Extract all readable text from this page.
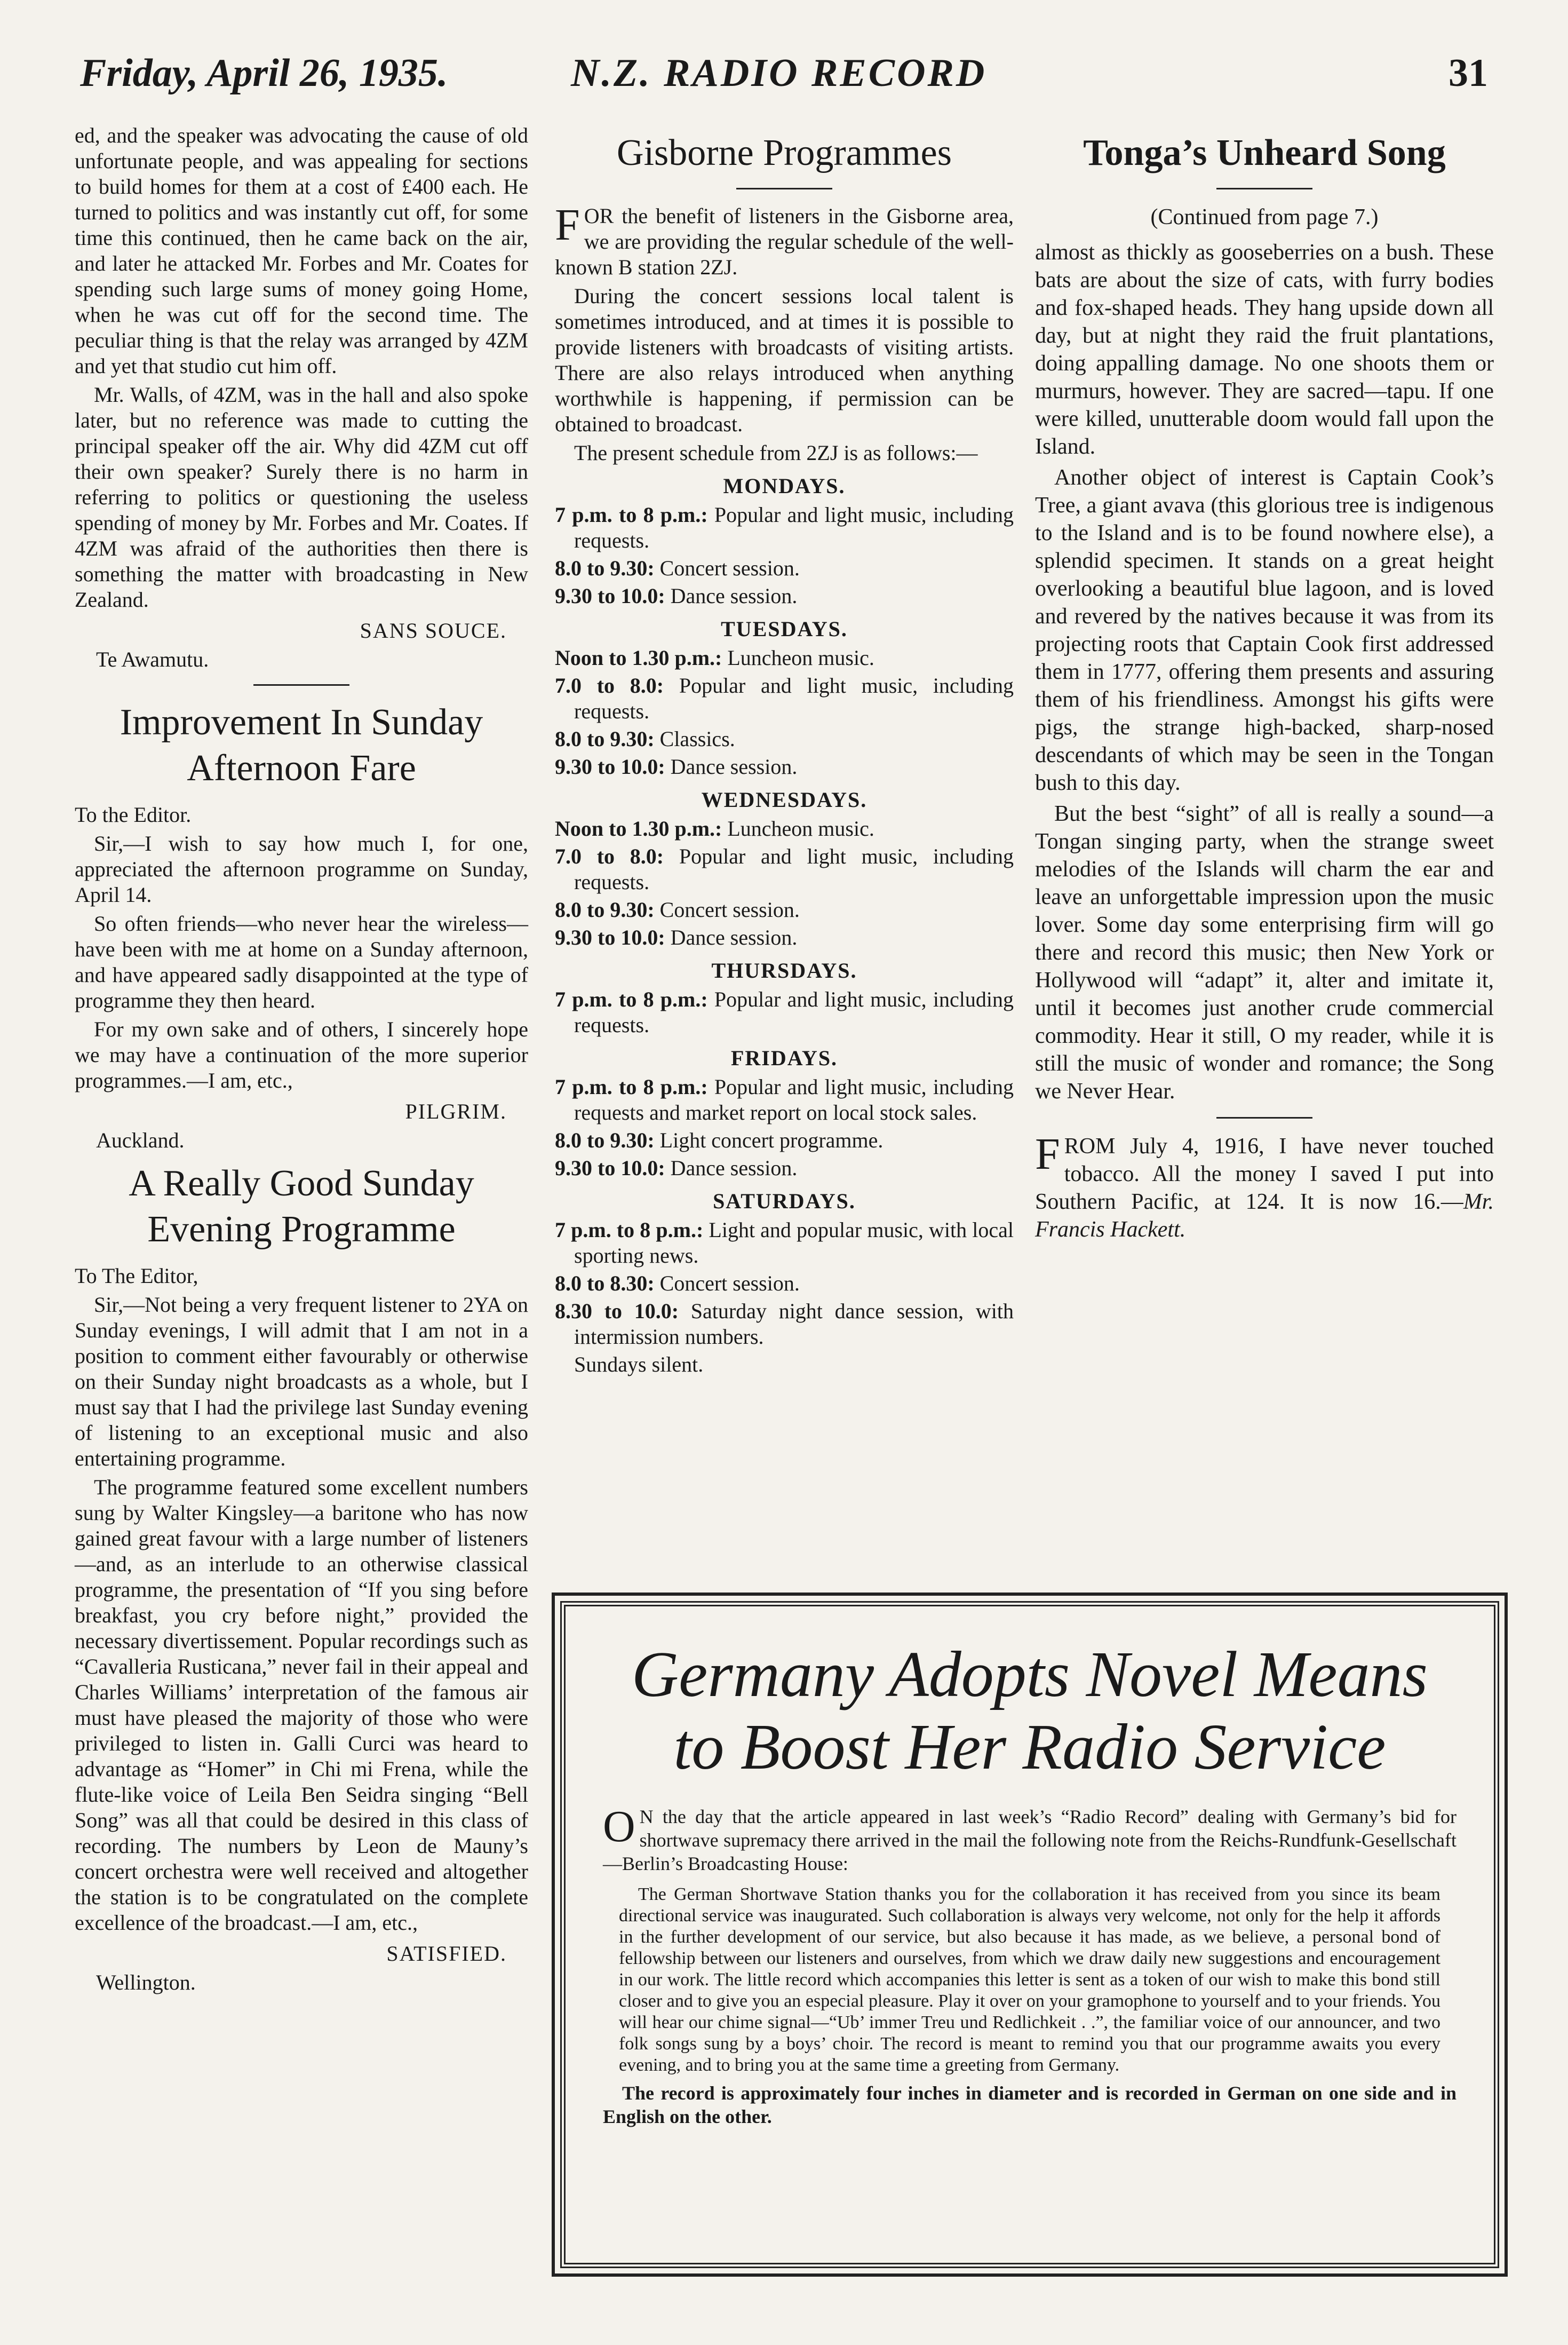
Friday, April 26, 1935.	N.Z. RADIO RECORD	31

ed, and the speaker was advocating the cause of old unfortunate people, and was appealing for sections to build homes for them at a cost of £400 each. He turned to politics and was instantly cut off, for some time this continued, then he came back on the air, and later he attacked Mr. Forbes and Mr. Coates for spending such large sums of money going Home, when he was cut off for the second time. The peculiar thing is that the relay was arranged by 4ZM and yet that studio cut him off.

Mr. Walls, of 4ZM, was in the hall and also spoke later, but no reference was made to cutting the principal speaker off the air. Why did 4ZM cut off their own speaker? Surely there is no harm in referring to politics or questioning the useless spending of money by Mr. Forbes and Mr. Coates. If 4ZM was afraid of the authorities then there is something the matter with broadcasting in New Zealand.

SANS SOUCE.

Te Awamutu.

Improvement In Sunday Afternoon Fare

To the Editor.

Sir,—I wish to say how much I, for one, appreciated the afternoon programme on Sunday, April 14.

So often friends—who never hear the wireless—have been with me at home on a Sunday afternoon, and have appeared sadly disappointed at the type of programme they then heard.

For my own sake and of others, I sincerely hope we may have a continuation of the more superior programmes.—I am, etc.,

PILGRIM.

Auckland.

A Really Good Sunday Evening Programme

To The Editor,

Sir,—Not being a very frequent listener to 2YA on Sunday evenings, I will admit that I am not in a position to comment either favourably or otherwise on their Sunday night broadcasts as a whole, but I must say that I had the privilege last Sunday evening of listening to an exceptional music and also entertaining programme.

The programme featured some excellent numbers sung by Walter Kingsley—a baritone who has now gained great favour with a large number of listeners—and, as an interlude to an otherwise classical programme, the presentation of “If you sing before breakfast, you cry before night,” provided the necessary divertissement. Popular recordings such as “Cavalleria Rusticana,” never fail in their appeal and Charles Williams’ interpretation of the famous air must have pleased the majority of those who were privileged to listen in. Galli Curci was heard to advantage as “Homer” in Chi mi Frena, while the flute-like voice of Leila Ben Seidra singing “Bell Song” was all that could be desired in this class of recording. The numbers by Leon de Mauny’s concert orchestra were well received and altogether the station is to be congratulated on the complete excellence of the broadcast.—I am, etc.,

SATISFIED.

Wellington.

Gisborne Programmes

FOR the benefit of listeners in the Gisborne area, we are providing the regular schedule of the well-known B station 2ZJ.

During the concert sessions local talent is sometimes introduced, and at times it is possible to provide listeners with broadcasts of visiting artists. There are also relays introduced when anything worthwhile is happening, if permission can be obtained to broadcast.

The present schedule from 2ZJ is as follows:—

MONDAYS.

7 p.m. to 8 p.m.: Popular and light music, including requests.

8.0 to 9.30: Concert session.

9.30 to 10.0: Dance session.

TUESDAYS.

Noon to 1.30 p.m.: Luncheon music.

7.0 to 8.0: Popular and light music, including requests.

8.0 to 9.30: Classics.

9.30 to 10.0: Dance session.

WEDNESDAYS.

Noon to 1.30 p.m.: Luncheon music.

7.0 to 8.0: Popular and light music, including requests.

8.0 to 9.30: Concert session.

9.30 to 10.0: Dance session.

THURSDAYS.

7 p.m. to 8 p.m.: Popular and light music, including requests.

FRIDAYS.

7 p.m. to 8 p.m.: Popular and light music, including requests and market report on local stock sales.

8.0 to 9.30: Light concert programme.

9.30 to 10.0: Dance session.

SATURDAYS.

7 p.m. to 8 p.m.: Light and popular music, with local sporting news.

8.0 to 8.30: Concert session.

8.30 to 10.0: Saturday night dance session, with intermission numbers.

Sundays silent.

Tonga’s Unheard Song

(Continued from page 7.)

almost as thickly as gooseberries on a bush. These bats are about the size of cats, with furry bodies and fox-shaped heads. They hang upside down all day, but at night they raid the fruit plantations, doing appalling damage. No one shoots them or murmurs, however. They are sacred—tapu. If one were killed, unutterable doom would fall upon the Island.

Another object of interest is Captain Cook’s Tree, a giant avava (this glorious tree is indigenous to the Island and is to be found nowhere else), a splendid specimen. It stands on a great height overlooking a beautiful blue lagoon, and is loved and revered by the natives because it was from its projecting roots that Captain Cook first addressed them in 1777, offering them presents and assuring them of his friendliness. Amongst his gifts were pigs, the strange high-backed, sharp-nosed descendants of which may be seen in the Tongan bush to this day.

But the best “sight” of all is really a sound—a Tongan singing party, when the strange sweet melodies of the Islands will charm the ear and leave an unforgettable impression upon the music lover. Some day some enterprising firm will go there and record this music; then New York or Hollywood will “adapt” it, alter and imitate it, until it becomes just another crude commercial commodity. Hear it still, O my reader, while it is still the music of wonder and romance; the Song we Never Hear.

FROM July 4, 1916, I have never touched tobacco. All the money I saved I put into Southern Pacific, at 124. It is now 16.—Mr. Francis Hackett.

Germany Adopts Novel Means to Boost Her Radio Service

O N the day that the article appeared in last week’s “Radio Record” dealing with Germany’s bid for shortwave supremacy there arrived in the mail the following note from the Reichs-Rundfunk-Gesellschaft—Berlin’s Broadcasting House:

The German Shortwave Station thanks you for the collaboration it has received from you since its beam directional service was inaugurated. Such collaboration is always very welcome, not only for the help it affords in the further development of our service, but also because it has made, as we believe, a personal bond of fellowship between our listeners and ourselves, from which we draw daily new suggestions and encouragement in our work. The little record which accompanies this letter is sent as a token of our wish to make this bond still closer and to give you an especial pleasure. Play it over on your gramophone to yourself and to your friends. You will hear our chime signal—“Ub’ immer Treu und Redlichkeit . .”, the familiar voice of our announcer, and two folk songs sung by a boys’ choir. The record is meant to remind you that our programme awaits you every evening, and to bring you at the same time a greeting from Germany.

The record is approximately four inches in diameter and is recorded in German on one side and in English on the other.
